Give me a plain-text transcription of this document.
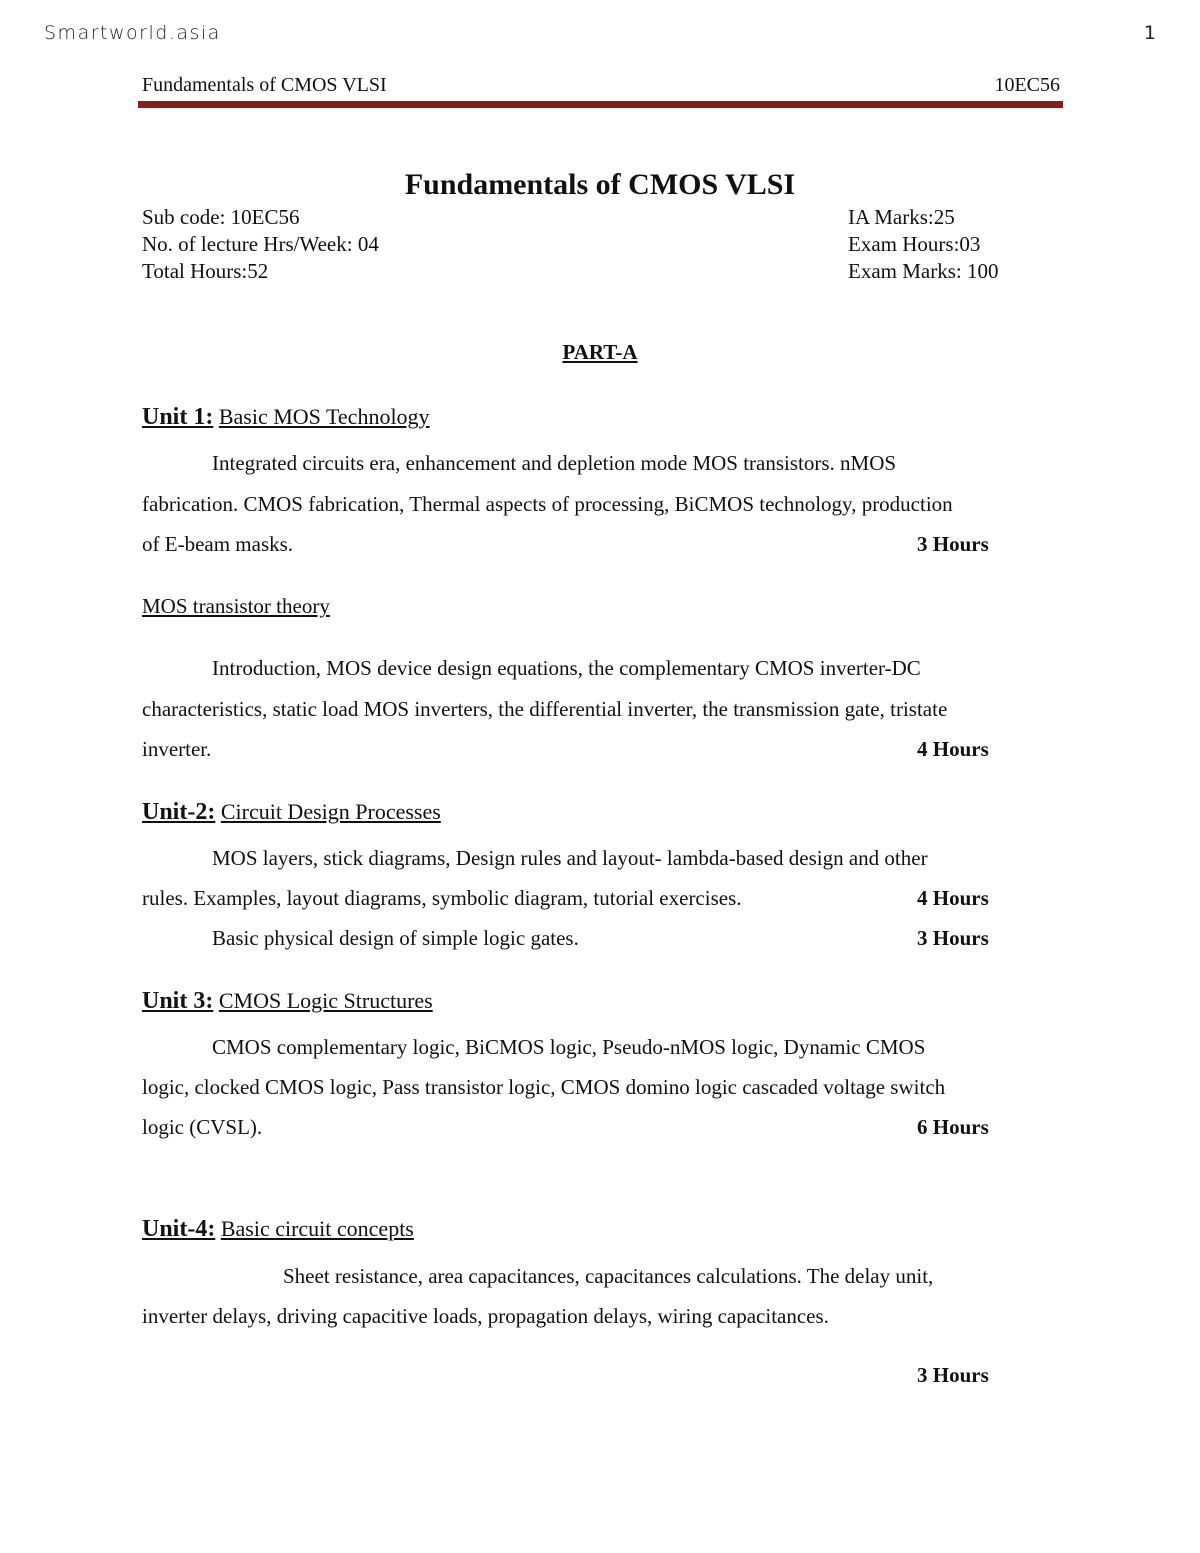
Smartworld.asia	1
Fundamentals of CMOS VLSI	10EC56
Fundamentals of CMOS VLSI
Sub code: 10EC56
No. of lecture Hrs/Week: 04
Total Hours:52
IA Marks:25
Exam Hours:03
Exam Marks: 100
PART-A
Unit 1: Basic MOS Technology
Integrated circuits era, enhancement and depletion mode MOS transistors. nMOS
fabrication. CMOS fabrication, Thermal aspects of processing, BiCMOS technology, production
of E-beam masks.	3 Hours
MOS transistor theory
Introduction, MOS device design equations, the complementary CMOS inverter-DC
characteristics, static load MOS inverters, the differential inverter, the transmission gate, tristate
inverter.	4 Hours
Unit-2: Circuit Design Processes
MOS layers, stick diagrams, Design rules and layout- lambda-based design and other
rules. Examples, layout diagrams, symbolic diagram, tutorial exercises.	4 Hours
Basic physical design of simple logic gates.	3 Hours
Unit 3: CMOS Logic Structures
CMOS complementary logic, BiCMOS logic, Pseudo-nMOS logic, Dynamic CMOS
logic, clocked CMOS logic, Pass transistor logic, CMOS domino logic cascaded voltage switch
logic (CVSL).	6 Hours
Unit-4: Basic circuit concepts
Sheet resistance, area capacitances, capacitances calculations. The delay unit,
inverter delays, driving capacitive loads, propagation delays, wiring capacitances.
3 Hours
